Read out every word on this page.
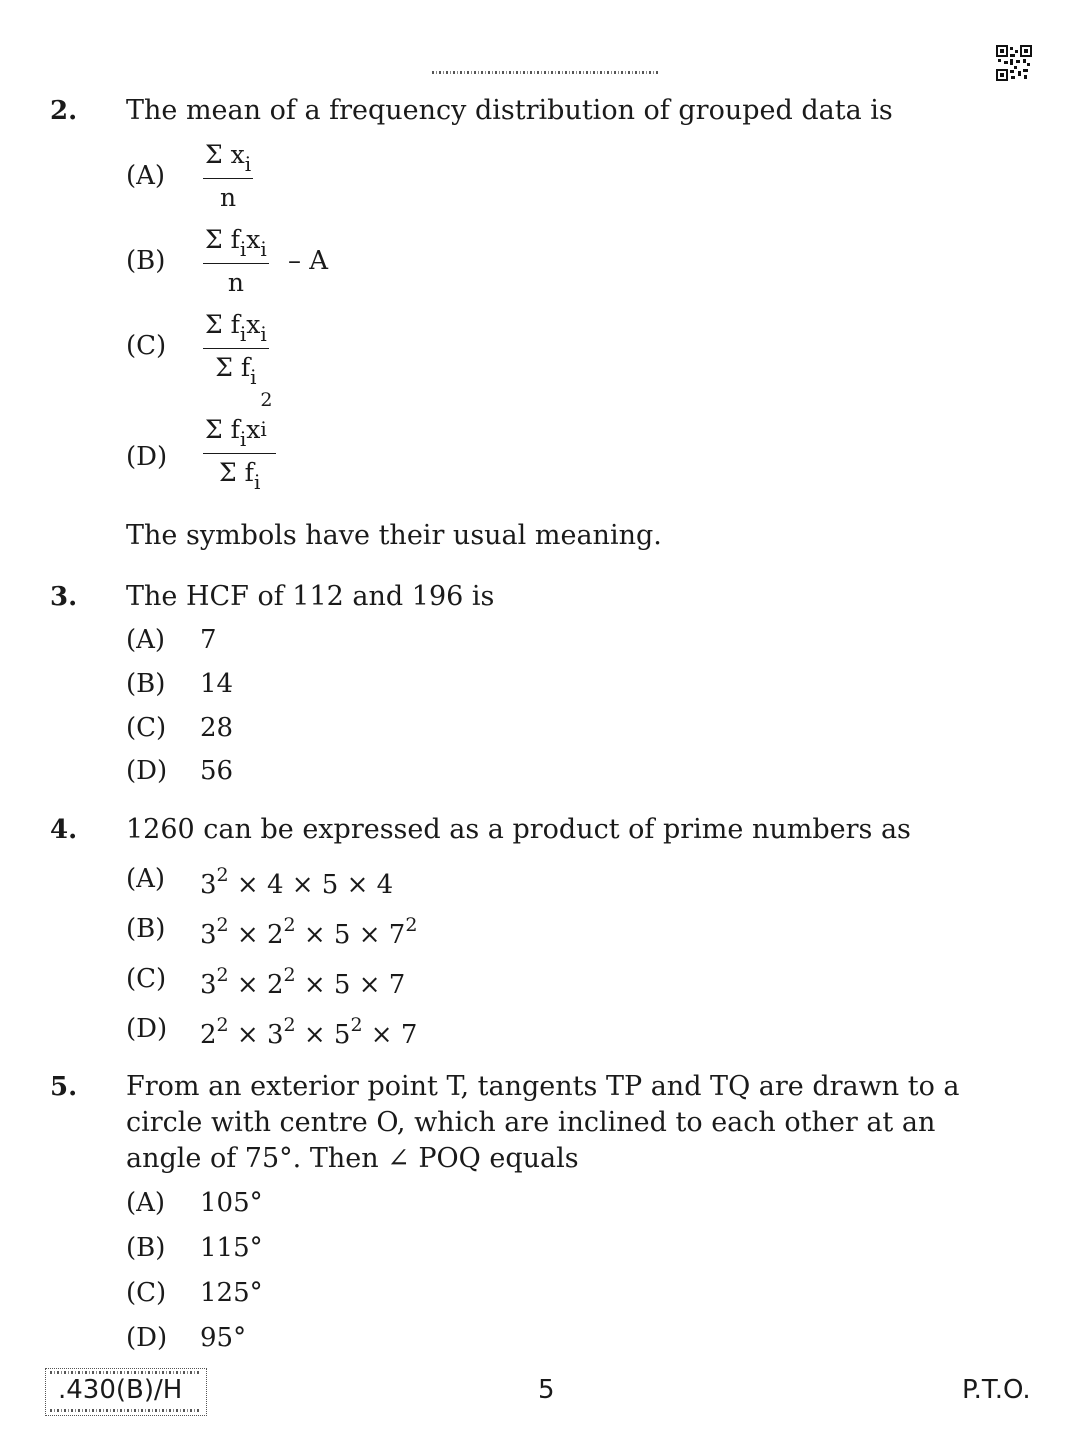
2. The mean of a frequency distribution of grouped data is
$(A) \frac{\Sigma x_i}{n}$
(B)
Σ $f_ix_i$
n
– A
(C)
Σ $f_ix_i$
Σ $f_i$
(D)
Σ $f_ix$
2
i

Σ $f_i$
The symbols have their usual meaning.
3. The HCF of 112 and 196 is
(A) 7
(B) 14
(C) 28
(D) 56
4. 1260 can be expressed as a product of prime numbers as
(A) $3^2 \times 4 \times 5 \times 4$
(B) $3^2 \times 2^2 \times 5 \times 7^2$
(C) $3^2 \times 2^2 \times 5 \times 7$
(D) $2^2 \times 3^2 \times 5^2 \times 7$
5. From an exterior point T, tangents TP and TQ are drawn to a
circle with centre O, which are inclined to each other at an
angle of 75°. Then ∠ POQ equals
(A) 105°
(B) 115°
(C) 125°
(D) 95°
.430(B)/H	5	P.T.O.
